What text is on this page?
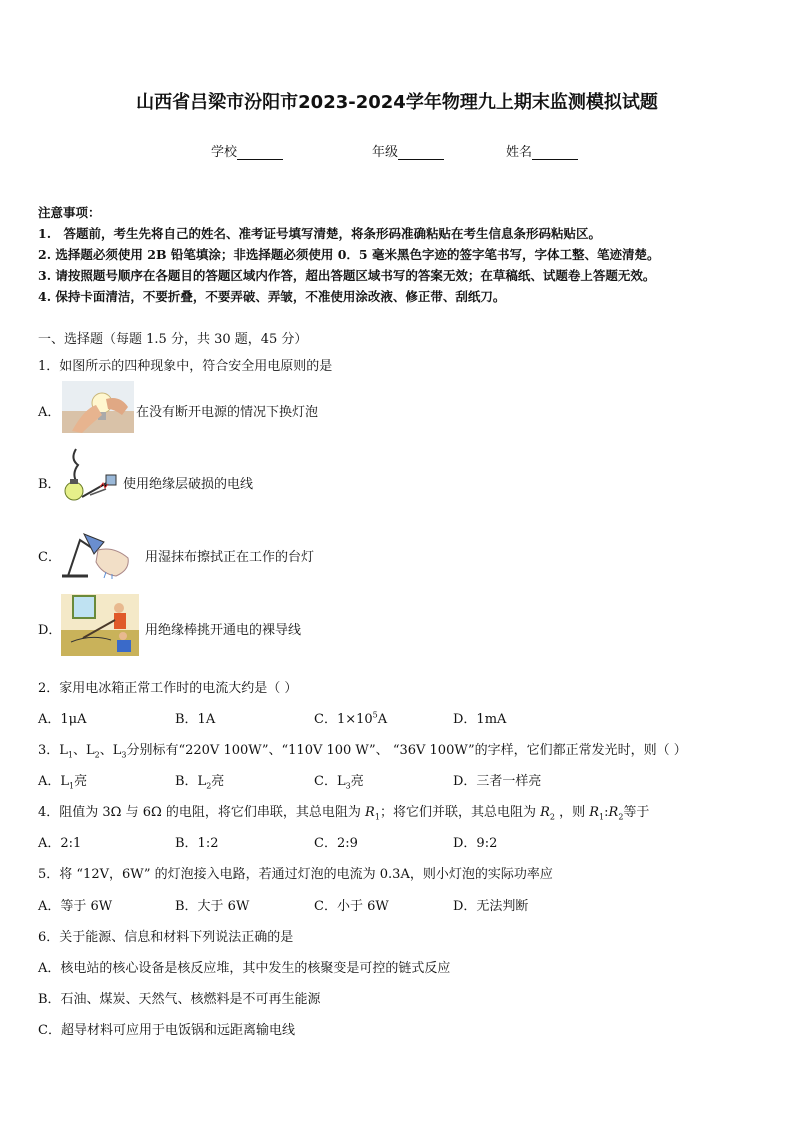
山西省吕梁市汾阳市2023-2024学年物理九上期末监测模拟试题
学校	年级	姓名
注意事项：
1.　答题前，考生先将自己的姓名、准考证号填写清楚，将条形码准确粘贴在考生信息条形码粘贴区。
2. 选择题必须使用 2B 铅笔填涂；非选择题必须使用 0．5 毫米黑色字迹的签字笔书写，字体工整、笔迹清楚。
3. 请按照题号顺序在各题目的答题区域内作答，超出答题区域书写的答案无效；在草稿纸、试题卷上答题无效。
4. 保持卡面清洁，不要折叠，不要弄破、弄皱，不准使用涂改液、修正带、刮纸刀。
一、选择题（每题 1.5 分，共 30 题，45 分）
1．如图所示的四种现象中，符合安全用电原则的是
A．	在没有断开电源的情况下换灯泡
B．	使用绝缘层破损的电线
C．	用湿抹布擦拭正在工作的台灯
D．	用绝缘棒挑开通电的裸导线
2．家用电冰箱正常工作时的电流大约是（ ）
A．1μA	B．1A	C．$1\times 10^5A$	D．1mA
3．$L_1$、$L_2$、$L_3$分别标有“220V 100W”、“110V 100 W”、 “36V 100W”的字样，它们都正常发光时，则（ ）
A．$L_1$亮	B．$L_2$亮	C．$L_3$亮	D．三者一样亮
4．阻值为 3Ω 与 6Ω 的电阻，将它们串联，其总电阻为 $R_1$；将它们并联，其总电阻为 $R_2$ ，则 $R_1:R_2$等于
A．2:1	B．1:2	C．2:9	D．9:2
5．将 “12V，6W” 的灯泡接入电路，若通过灯泡的电流为 0.3A，则小灯泡的实际功率应
A．等于 6W	B．大于 6W	C．小于 6W	D．无法判断
6．关于能源、信息和材料下列说法正确的是
A．核电站的核心设备是核反应堆，其中发生的核聚变是可控的链式反应
B．石油、煤炭、天然气、核燃料是不可再生能源
C．超导材料可应用于电饭锅和远距离输电线
